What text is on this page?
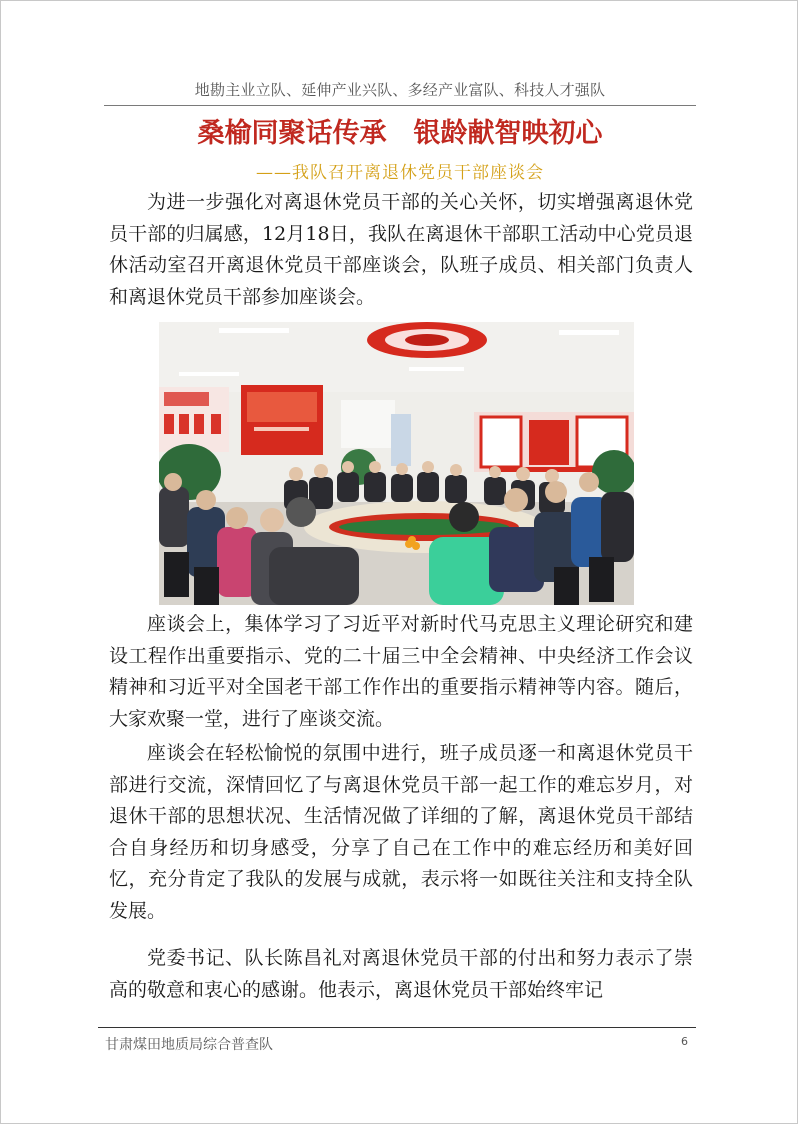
地勘主业立队、延伸产业兴队、多经产业富队、科技人才强队
桑榆同聚话传承　银龄献智映初心
——我队召开离退休党员干部座谈会

为进一步强化对离退休党员干部的关心关怀，切实增强离退休党员干部的归属感，12月18日，我队在离退休干部职工活动中心党员退休活动室召开离退休党员干部座谈会，队班子成员、相关部门负责人和离退休党员干部参加座谈会。

座谈会上，集体学习了习近平对新时代马克思主义理论研究和建设工程作出重要指示、党的二十届三中全会精神、中央经济工作会议精神和习近平对全国老干部工作作出的重要指示精神等内容。随后，大家欢聚一堂，进行了座谈交流。

座谈会在轻松愉悦的氛围中进行，班子成员逐一和离退休党员干部进行交流，深情回忆了与离退休党员干部一起工作的难忘岁月，对退休干部的思想状况、生活情况做了详细的了解，离退休党员干部结合自身经历和切身感受，分享了自己在工作中的难忘经历和美好回忆，充分肯定了我队的发展与成就，表示将一如既往关注和支持全队发展。

党委书记、队长陈昌礼对离退休党员干部的付出和努力表示了崇高的敬意和衷心的感谢。他表示，离退休党员干部始终牢记

甘肃煤田地质局综合普查队	6
